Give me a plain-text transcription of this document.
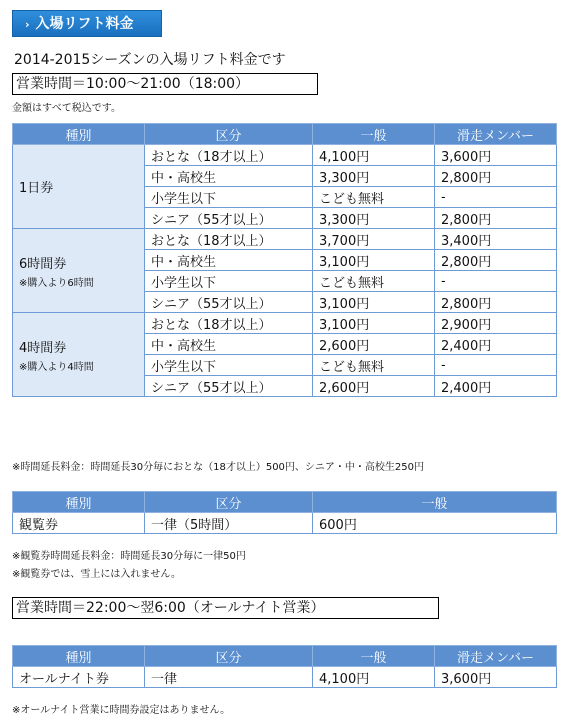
› 入場リフト料金
2014-2015シーズンの入場リフト料金です
営業時間＝10:00～21:00（18:00）
金額はすべて税込です。
種別	区分	一般	滑走メンバー

1日券	おとな（18才以上）	4,100円	3,600円
	中・高校生	3,300円	2,800円
	小学生以下	こども無料	-
	シニア（55才以上）	3,300円	2,800円

6時間券
※購入より6時間	おとな（18才以上）	3,700円	3,400円
	中・高校生	3,100円	2,800円
	小学生以下	こども無料	-
	シニア（55才以上）	3,100円	2,800円

4時間券
※購入より4時間	おとな（18才以上）	3,100円	2,900円
	中・高校生	2,600円	2,400円
	小学生以下	こども無料	-
	シニア（55才以上）	2,600円	2,400円
※時間延長料金：時間延長30分毎におとな（18才以上）500円、シニア・中・高校生250円
種別	区分	一般
観覧券	一律（5時間）	600円
※観覧券時間延長料金：時間延長30分毎に一律50円
※観覧券では、雪上には入れません。
営業時間＝22:00～翌6:00（オールナイト営業）
種別	区分	一般	滑走メンバー
オールナイト券	一律	4,100円	3,600円
※オールナイト営業に時間券設定はありません。
